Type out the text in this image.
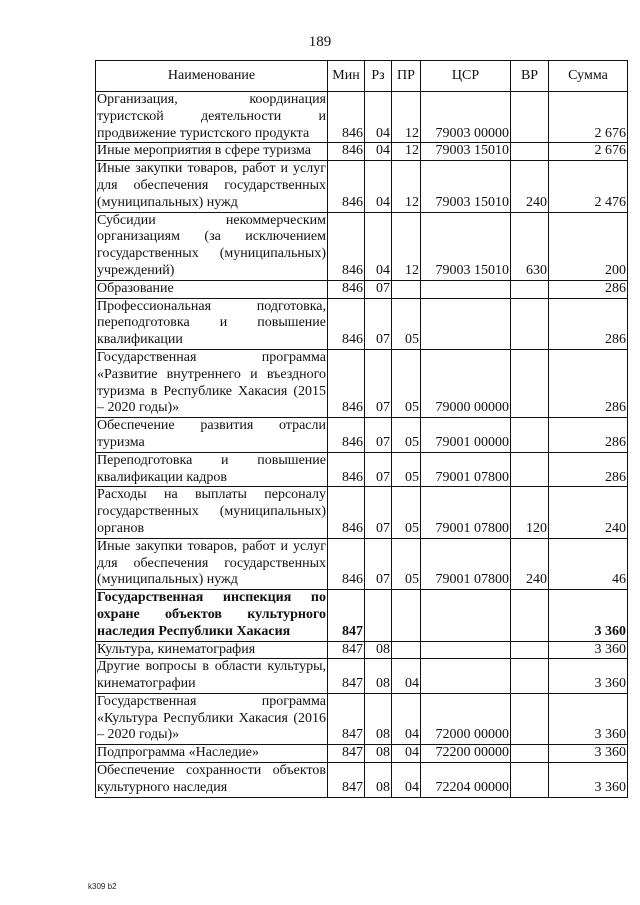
189
Наименование	Мин	Рз	ПР	ЦСР	ВР	Сумма
Организация, координация туристской деятельности и продвижение туристского продукта	846	04	12	79003 00000		2 676
Иные мероприятия в сфере туризма	846	04	12	79003 15010		2 676
Иные закупки товаров, работ и услуг для обеспечения государственных (муниципальных) нужд	846	04	12	79003 15010	240	2 476
Субсидии некоммерческим организациям (за исключением государственных (муниципальных) учреждений)	846	04	12	79003 15010	630	200
Образование	846	07				286
Профессиональная подготовка, переподготовка и повышение квалификации	846	07	05			286
Государственная программа «Развитие внутреннего и въездного туризма в Республике Хакасия (2015 – 2020 годы)»	846	07	05	79000 00000		286
Обеспечение развития отрасли туризма	846	07	05	79001 00000		286
Переподготовка и повышение квалификации кадров	846	07	05	79001 07800		286
Расходы на выплаты персоналу государственных (муниципальных) органов	846	07	05	79001 07800	120	240
Иные закупки товаров, работ и услуг для обеспечения государственных (муниципальных) нужд	846	07	05	79001 07800	240	46
Государственная инспекция по охране объектов культурного наследия Республики Хакасия	847					3 360
Культура, кинематография	847	08				3 360
Другие вопросы в области культуры, кинематографии	847	08	04			3 360
Государственная программа «Культура Республики Хакасия (2016 – 2020 годы)»	847	08	04	72000 00000		3 360
Подпрограмма «Наследие»	847	08	04	72200 00000		3 360
Обеспечение сохранности объектов культурного наследия	847	08	04	72204 00000		3 360
k309 b2
